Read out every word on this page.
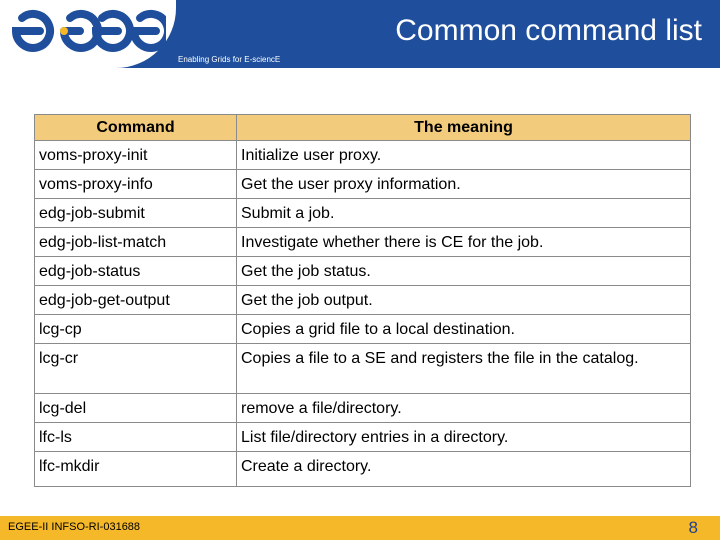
Common command list
Enabling Grids for E-sciencE
Command	The meaning
voms-proxy-init	Initialize user proxy.
voms-proxy-info	Get the user proxy information.
edg-job-submit	Submit a job.
edg-job-list-match	Investigate whether there is CE for the job.
edg-job-status	Get the job status.
edg-job-get-output	Get the job output.
lcg-cp	Copies a grid file to a local destination.
lcg-cr	Copies a file to a SE and registers the file in the catalog.
lcg-del	remove a file/directory.
lfc-ls	List file/directory entries in a directory.
lfc-mkdir	Create a directory.
EGEE-II INFSO-RI-031688	8
